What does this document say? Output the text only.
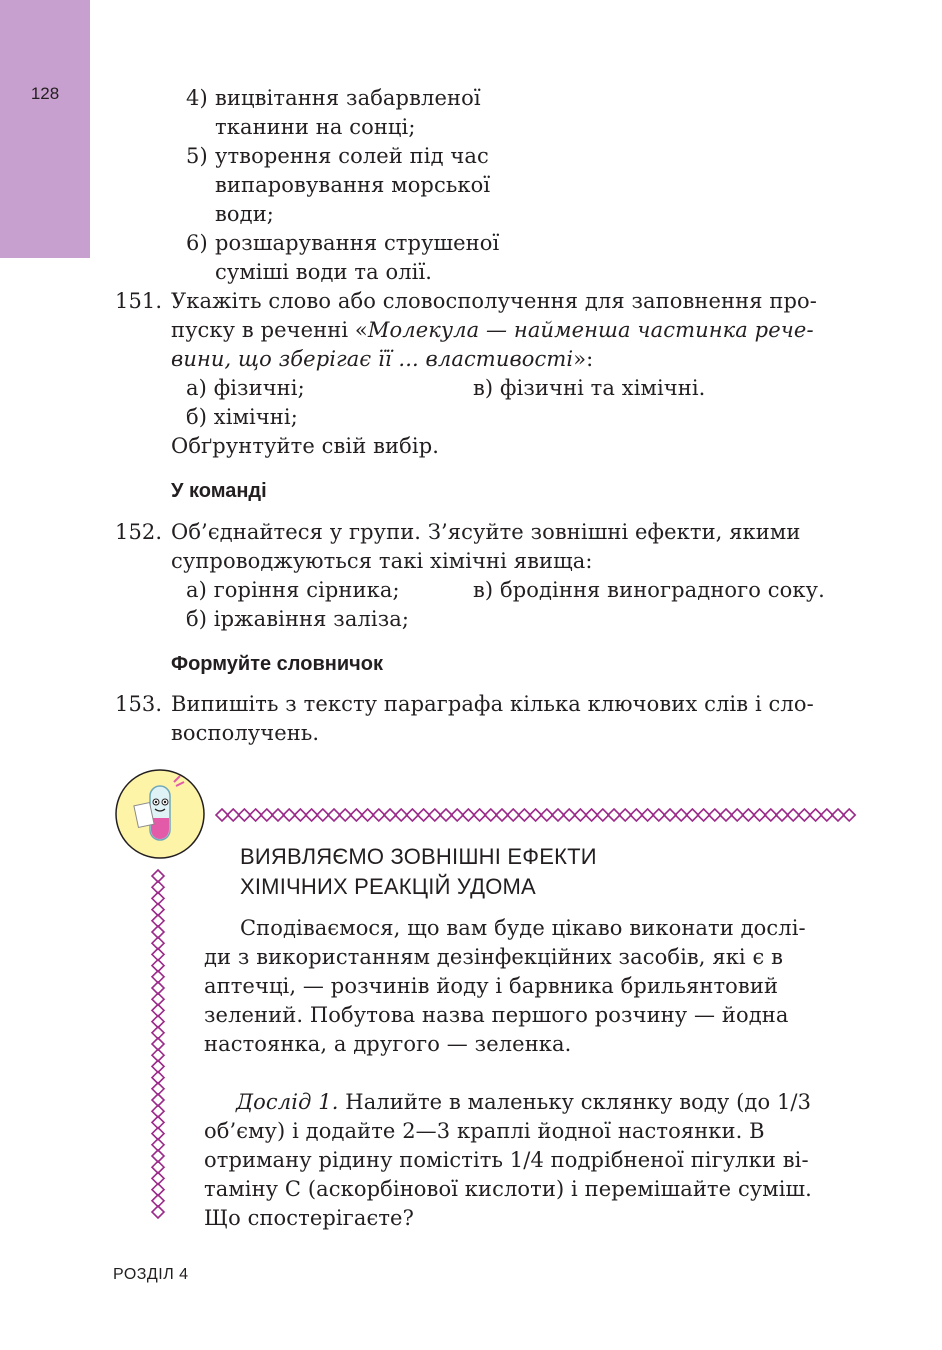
128	4) вицвітання забарвленої
тканини на сонці;
5) утворення солей під час
випаровування морської
води;
6) розшарування струшеної
суміші води та олії.
151. Укажіть слово або словосполучення для заповнення про-
пуску в реченні «Молекула — найменша частинка рече-
вини, що зберігає її ... властивості»:
а) фізичні;	в) фізичні та хімічні.
б) хімічні;
Обґрунтуйте свій вибір.
У команді
152. Об’єднайтеся у групи. З’ясуйте зовнішні ефекти, якими
супроводжуються такі хімічні явища:
а) горіння сірника;	в) бродіння виноградного соку.
б) іржавіння заліза;
Формуйте словничок
153. Випишіть з тексту параграфа кілька ключових слів і сло-
восполучень.
ВИЯВЛЯЄМО ЗОВНІШНІ ЕФЕКТИ
ХІМІЧНИХ РЕАКЦІЙ УДОМА
Сподіваємося, що вам буде цікаво виконати дослі-
ди з використанням дезінфекційних засобів, які є в
аптечці, — розчинів йоду і барвника брильянтовий
зелений. Побутова назва першого розчину — йодна
настоянка, а другого — зеленка.
Дослід 1. Налийте в маленьку склянку воду (до 1/3
об’єму) і додайте 2—3 краплі йодної настоянки. В
отриману рідину помістіть 1/4 подрібненої пігулки ві-
таміну С (аскорбінової кислоти) і перемішайте суміш.
Що спостерігаєте?
РОЗДІЛ 4
